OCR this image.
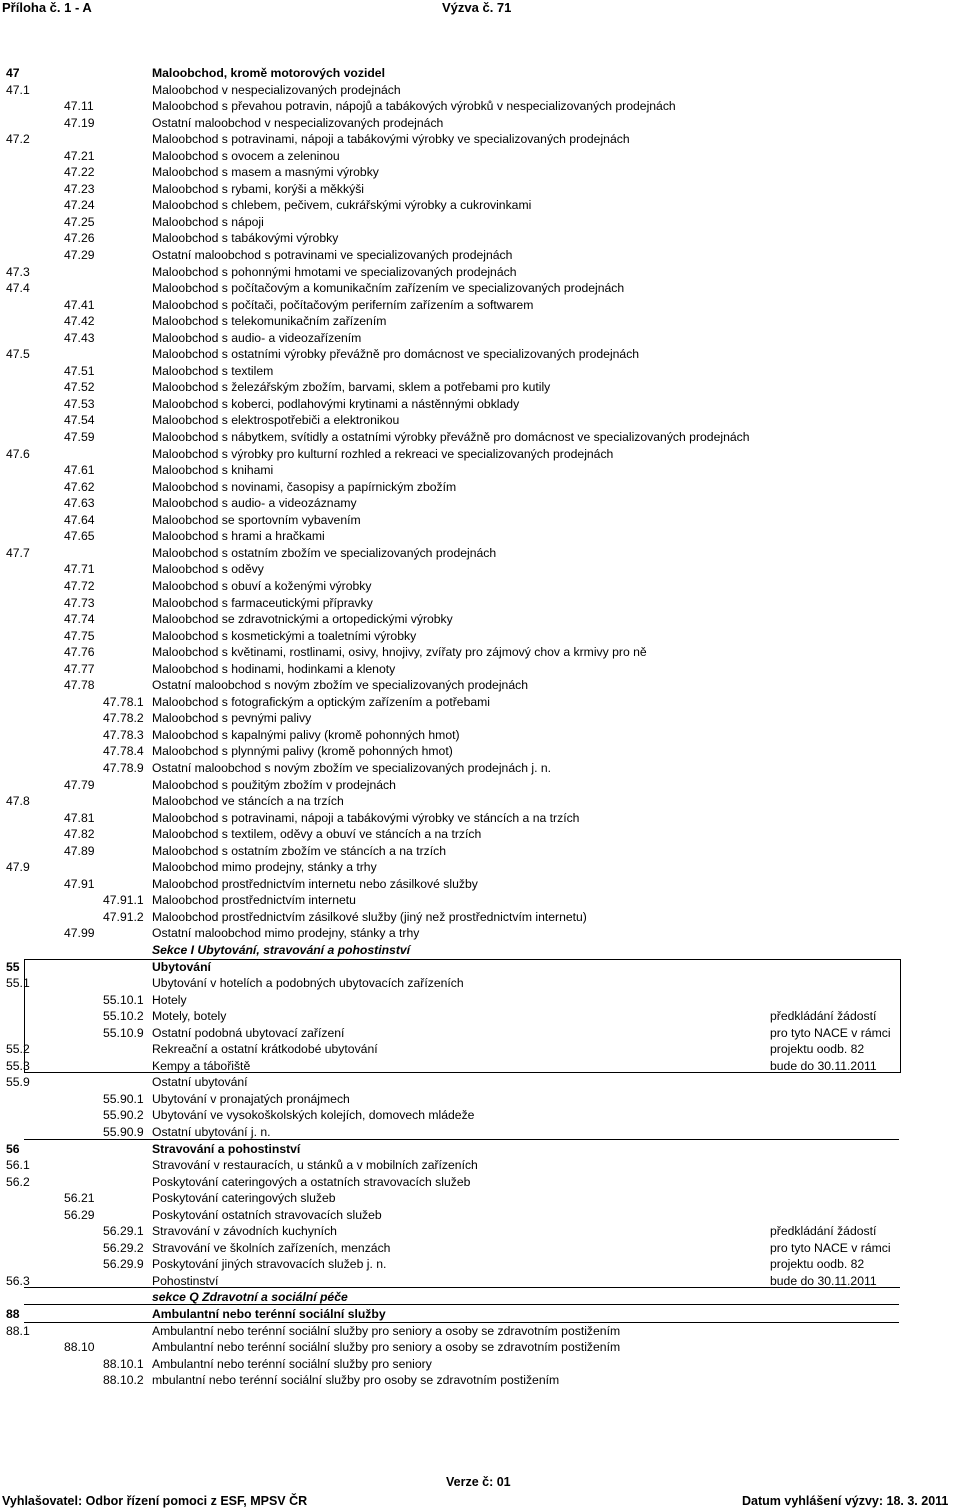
Příloha č. 1 - A	Výzva č. 71
47	Maloobchod, kromě motorových vozidel
47.1	Maloobchod v nespecializovaných prodejnách
47.11	Maloobchod s převahou potravin, nápojů a tabákových výrobků v nespecializovaných prodejnách
47.19	Ostatní maloobchod v nespecializovaných prodejnách
47.2	Maloobchod s potravinami, nápoji a tabákovými výrobky ve specializovaných prodejnách
47.21	Maloobchod s ovocem a zeleninou
47.22	Maloobchod s masem a masnými výrobky
47.23	Maloobchod s rybami, korýši a měkkýši
47.24	Maloobchod s chlebem, pečivem, cukrářskými výrobky a cukrovinkami
47.25	Maloobchod s nápoji
47.26	Maloobchod s tabákovými výrobky
47.29	Ostatní maloobchod s potravinami ve specializovaných prodejnách
47.3	Maloobchod s pohonnými hmotami ve specializovaných prodejnách
47.4	Maloobchod s počítačovým a komunikačním zařízením ve specializovaných prodejnách
47.41	Maloobchod s počítači, počítačovým periferním zařízením a softwarem
47.42	Maloobchod s telekomunikačním zařízením
47.43	Maloobchod s audio- a videozařízením
47.5	Maloobchod s ostatními výrobky převážně pro domácnost ve specializovaných prodejnách
47.51	Maloobchod s textilem
47.52	Maloobchod s železářským zbožím, barvami, sklem a potřebami pro kutily
47.53	Maloobchod s koberci, podlahovými krytinami a nástěnnými obklady
47.54	Maloobchod s elektrospotřebiči a elektronikou
47.59	Maloobchod s nábytkem, svítidly a ostatními výrobky převážně pro domácnost ve specializovaných prodejnách
47.6	Maloobchod s výrobky pro kulturní rozhled a rekreaci ve specializovaných prodejnách
47.61	Maloobchod s knihami
47.62	Maloobchod s novinami, časopisy a papírnickým zbožím
47.63	Maloobchod s audio- a videozáznamy
47.64	Maloobchod se sportovním vybavením
47.65	Maloobchod s hrami a hračkami
47.7	Maloobchod s ostatním zbožím ve specializovaných prodejnách
47.71	Maloobchod s oděvy
47.72	Maloobchod s obuví a koženými výrobky
47.73	Maloobchod s farmaceutickými přípravky
47.74	Maloobchod se zdravotnickými a ortopedickými výrobky
47.75	Maloobchod s kosmetickými a toaletními výrobky
47.76	Maloobchod s květinami, rostlinami, osivy, hnojivy, zvířaty pro zájmový chov a krmivy pro ně
47.77	Maloobchod s hodinami, hodinkami a klenoty
47.78	Ostatní maloobchod s novým zbožím ve specializovaných prodejnách
47.78.1 Maloobchod s fotografickým a optickým zařízením a potřebami
47.78.2 Maloobchod s pevnými palivy
47.78.3 Maloobchod s kapalnými palivy (kromě pohonných hmot)
47.78.4 Maloobchod s plynnými palivy (kromě pohonných hmot)
47.78.9 Ostatní maloobchod s novým zbožím ve specializovaných prodejnách j. n.
47.79	Maloobchod s použitým zbožím v prodejnách
47.8	Maloobchod ve stáncích a na trzích
47.81	Maloobchod s potravinami, nápoji a tabákovými výrobky ve stáncích a na trzích
47.82	Maloobchod s textilem, oděvy a obuví ve stáncích a na trzích
47.89	Maloobchod s ostatním zbožím ve stáncích a na trzích
47.9	Maloobchod mimo prodejny, stánky a trhy
47.91	Maloobchod prostřednictvím internetu nebo zásilkové služby
47.91.1 Maloobchod prostřednictvím internetu
47.91.2 Maloobchod prostřednictvím zásilkové služby (jiný než prostřednictvím internetu)
47.99	Ostatní maloobchod mimo prodejny, stánky a trhy
Sekce I Ubytování, stravování a pohostinství
55	Ubytování
55.1	Ubytování v hotelích a podobných ubytovacích zařízeních
55.10.1 Hotely
55.10.2 Motely, botely	předkládání žádostí
55.10.9 Ostatní podobná ubytovací zařízení	pro tyto NACE v rámci
55.2	Rekreační a ostatní krátkodobé ubytování	projektu oodb. 82
55.3	Kempy a tábořiště	bude do 30.11.2011
55.9	Ostatní ubytování
55.90.1 Ubytování v pronajatých pronájmech
55.90.2 Ubytování ve vysokoškolských kolejích, domovech mládeže
55.90.9 Ostatní ubytování j. n.
56	Stravování a pohostinství
56.1	Stravování v restauracích, u stánků a v mobilních zařízeních
56.2	Poskytování cateringových a ostatních stravovacích služeb
56.21	Poskytování cateringových služeb
56.29	Poskytování ostatních stravovacích služeb
56.29.1 Stravování v závodních kuchyních	předkládání žádostí
56.29.2 Stravování ve školních zařízeních, menzách	pro tyto NACE v rámci
56.29.9 Poskytování jiných stravovacích služeb j. n.	projektu oodb. 82
56.3	Pohostinství	bude do 30.11.2011
sekce Q Zdravotní a sociální péče
88	Ambulantní nebo terénní sociální služby
88.1	Ambulantní nebo terénní sociální služby pro seniory a osoby se zdravotním postižením
88.10	Ambulantní nebo terénní sociální služby pro seniory a osoby se zdravotním postižením
88.10.1 Ambulantní nebo terénní sociální služby pro seniory
88.10.2 mbulantní nebo terénní sociální služby pro osoby se zdravotním postižením
Verze č: 01
Vyhlašovatel: Odbor řízení pomoci z ESF, MPSV ČR	Datum vyhlášení výzvy: 18. 3. 2011
